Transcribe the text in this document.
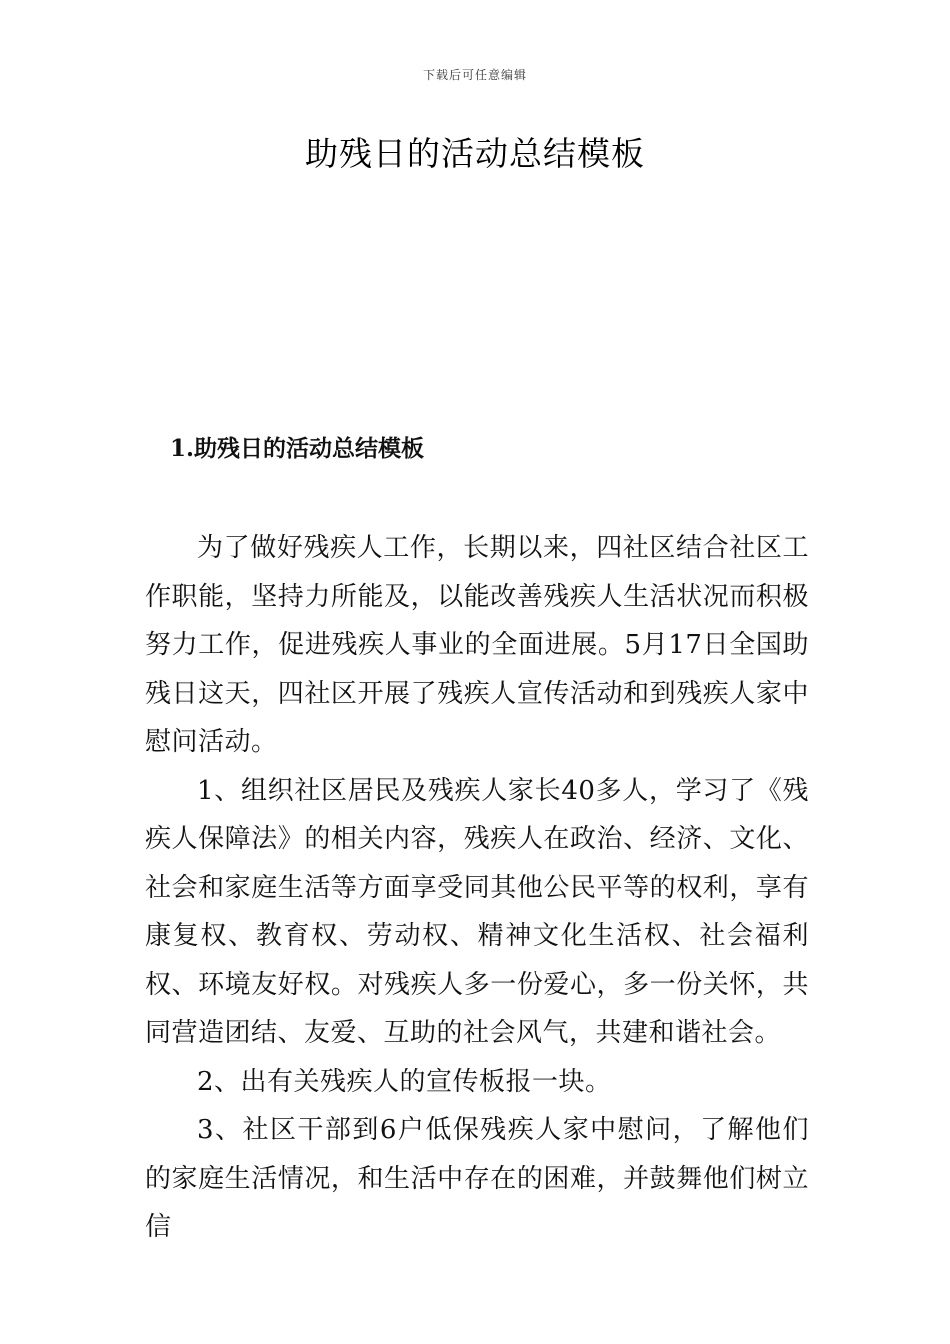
下载后可任意编辑
助残日的活动总结模板
1.助残日的活动总结模板

为了做好残疾人工作，长期以来，四社区结合社区工作职能，坚持力所能及，以能改善残疾人生活状况而积极努力工作，促进残疾人事业的全面进展。5月17日全国助残日这天，四社区开展了残疾人宣传活动和到残疾人家中慰问活动。

1、组织社区居民及残疾人家长40多人，学习了《残疾人保障法》的相关内容，残疾人在政治、经济、文化、社会和家庭生活等方面享受同其他公民平等的权利，享有康复权、教育权、劳动权、精神文化生活权、社会福利权、环境友好权。对残疾人多一份爱心，多一份关怀，共同营造团结、友爱、互助的社会风气，共建和谐社会。

2、出有关残疾人的宣传板报一块。

3、社区干部到6户低保残疾人家中慰问，了解他们的家庭生活情况，和生活中存在的困难，并鼓舞他们树立信
